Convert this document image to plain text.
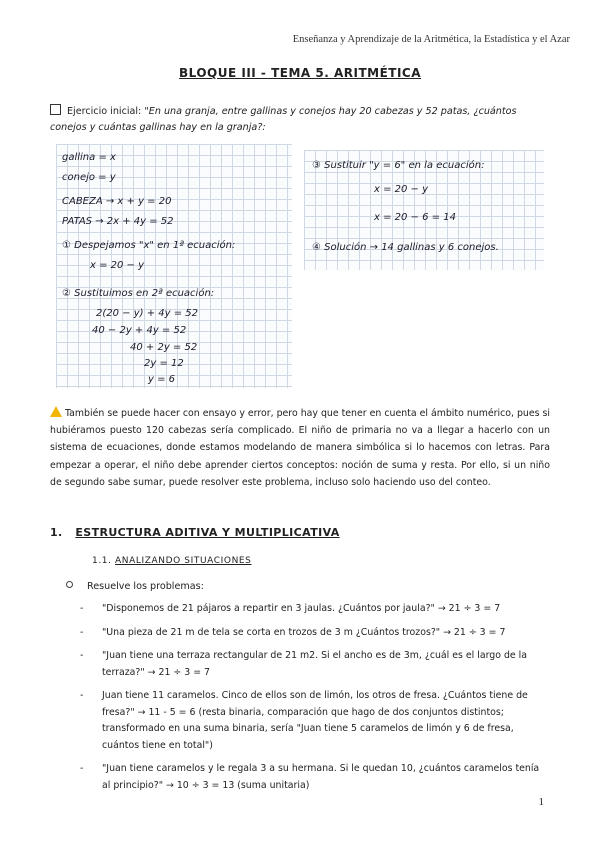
Enseñanza y Aprendizaje de la Aritmética, la Estadística y el Azar
BLOQUE III - TEMA 5. ARITMÉTICA
Ejercicio inicial: "En una granja, entre gallinas y conejos hay 20 cabezas y 52 patas, ¿cuántos conejos y cuántas gallinas hay en la granja?:
gallina = x
conejo = y
CABEZA → x + y = 20
PATAS → 2x + 4y = 52
① Despejamos "x" en 1ª ecuación:
x = 20 − y
② Sustituimos en 2ª ecuación:
2(20 − y) + 4y = 52
40 − 2y + 4y = 52
40 + 2y = 52
2y = 12
y = 6
③ Sustituir "y = 6" en la ecuación:
x = 20 − y
x = 20 − 6 = 14
④ Solución → 14 gallinas y 6 conejos.
También se puede hacer con ensayo y error, pero hay que tener en cuenta el ámbito numérico, pues si hubiéramos puesto 120 cabezas sería complicado. El niño de primaria no va a llegar a hacerlo con un sistema de ecuaciones, donde estamos modelando de manera simbólica si lo hacemos con letras. Para empezar a operar, el niño debe aprender ciertos conceptos: noción de suma y resta. Por ello, si un niño de segundo sabe sumar, puede resolver este problema, incluso solo haciendo uso del conteo.
1. ESTRUCTURA ADITIVA Y MULTIPLICATIVA
1.1. ANALIZANDO SITUACIONES
Resuelve los problemas:
- "Disponemos de 21 pájaros a repartir en 3 jaulas. ¿Cuántos por jaula?" → 21 ÷ 3 = 7
- "Una pieza de 21 m de tela se corta en trozos de 3 m ¿Cuántos trozos?" → 21 ÷ 3 = 7
- "Juan tiene una terraza rectangular de 21 m2. Si el ancho es de 3m, ¿cuál es el largo de la terraza?" → 21 ÷ 3 = 7
- Juan tiene 11 caramelos. Cinco de ellos son de limón, los otros de fresa. ¿Cuántos tiene de fresa?" → 11 - 5 = 6 (resta binaria, comparación que hago de dos conjuntos distintos; transformado en una suma binaria, sería "Juan tiene 5 caramelos de limón y 6 de fresa, cuántos tiene en total")
- "Juan tiene caramelos y le regala 3 a su hermana. Si le quedan 10, ¿cuántos caramelos tenía al principio?" → 10 ÷ 3 = 13 (suma unitaria)
1
